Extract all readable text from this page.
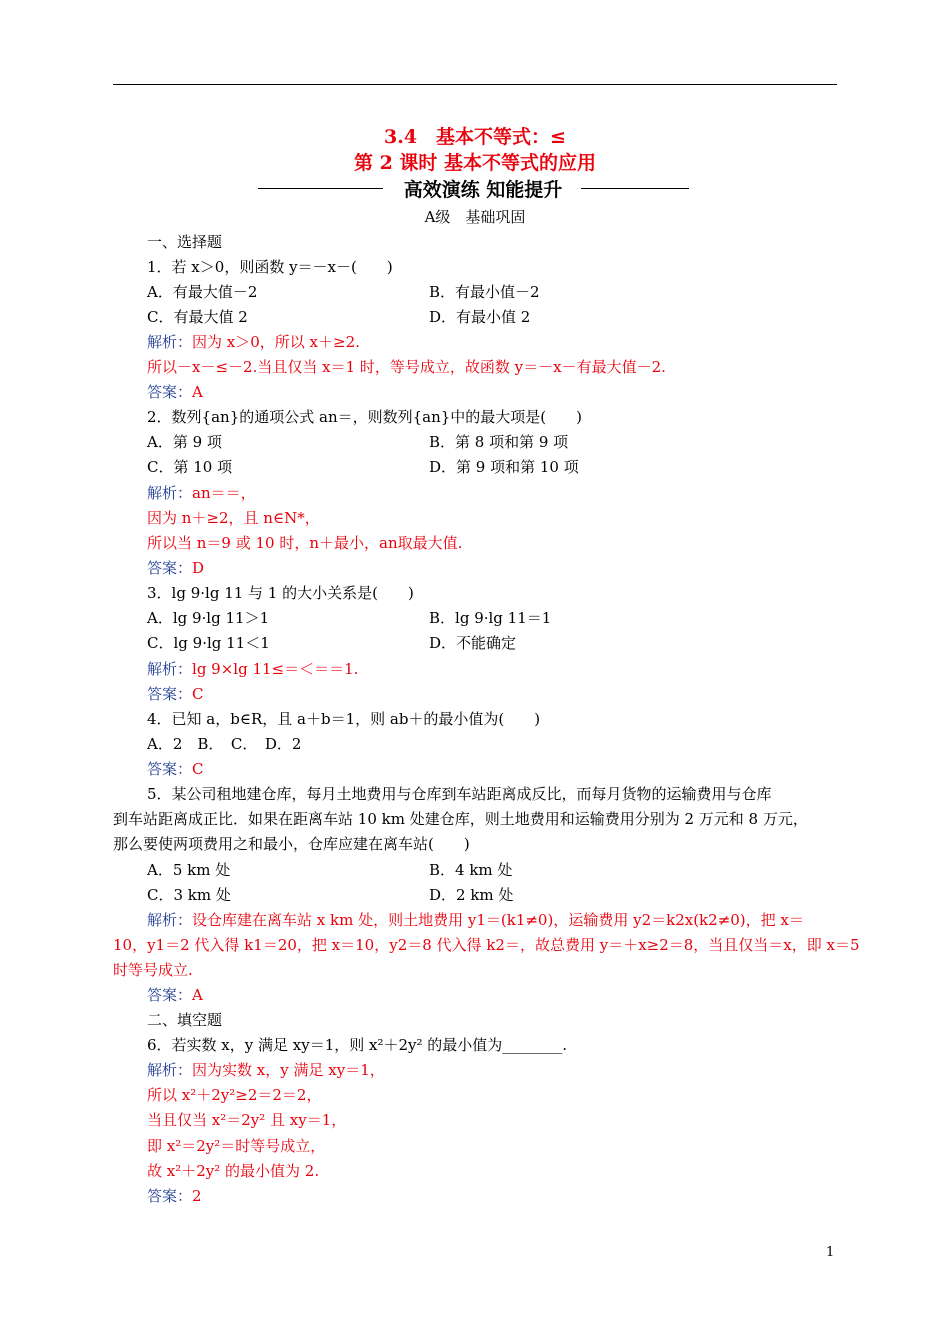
3.4　基本不等式：≤
第 2 课时 基本不等式的应用
高效演练 知能提升
A级　基础巩固
一、选择题
1．若 x＞0，则函数 y＝－x－(　　)
A．有最大值－2	B．有最小值－2
C．有最大值 2	D．有最小值 2
解析：因为 x＞0，所以 x＋≥2.
所以－x－≤－2.当且仅当 x＝1 时，等号成立，故函数 y＝－x－有最大值－2.
答案：A
2．数列{an}的通项公式 an＝，则数列{an}中的最大项是(　　)
A．第 9 项	B．第 8 项和第 9 项
C．第 10 项	D．第 9 项和第 10 项
解析：an＝＝，
因为 n＋≥2，且 n∈N*，
所以当 n＝9 或 10 时，n＋最小，an取最大值.
答案：D
3．lg 9·lg 11 与 1 的大小关系是(　　)
A．lg 9·lg 11＞1	B．lg 9·lg 11＝1
C．lg 9·lg 11＜1	D．不能确定
解析：lg 9×lg 11≤＝＜＝＝1.
答案：C
4．已知 a，b∈R，且 a＋b＝1，则 ab＋的最小值为(　　)
A．2　B．　C．　D．2
答案：C
5．某公司租地建仓库，每月土地费用与仓库到车站距离成反比，而每月货物的运输费用与仓库
到车站距离成正比．如果在距离车站 10 km 处建仓库，则土地费用和运输费用分别为 2 万元和 8 万元，
那么要使两项费用之和最小，仓库应建在离车站(　　)
A．5 km 处	B．4 km 处
C．3 km 处	D．2 km 处
解析：设仓库建在离车站 x km 处，则土地费用 y1＝(k1≠0)，运输费用 y2＝k2x(k2≠0)，把 x＝
10，y1＝2 代入得 k1＝20，把 x＝10，y2＝8 代入得 k2＝，故总费用 y＝＋x≥2＝8，当且仅当＝x，即 x＝5
时等号成立.
答案：A
二、填空题
6．若实数 x，y 满足 xy＝1，则 x²＋2y² 的最小值为________.
解析：因为实数 x，y 满足 xy＝1，
所以 x²＋2y²≥2＝2＝2，
当且仅当 x²＝2y² 且 xy＝1，
即 x²＝2y²＝时等号成立，
故 x²＋2y² 的最小值为 2.
答案：2
1
